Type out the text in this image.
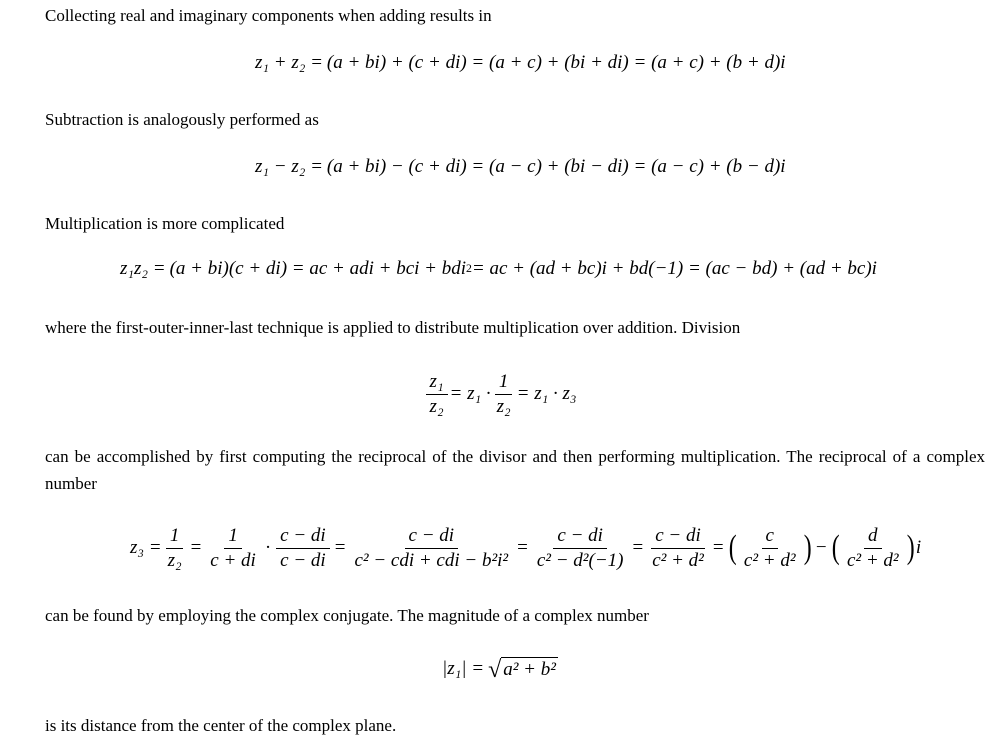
Collecting real and imaginary components when adding results in
z₁ + z₂ = (a + bi) + (c + di) = (a + c) + (bi + di) = (a + c) + (b + d)i
Subtraction is analogously performed as
z₁ − z₂ = (a + bi) − (c + di) = (a − c) + (bi − di) = (a − c) + (b − d)i
Multiplication is more complicated
z₁z₂ = (a + bi)(c + di) = ac + adi + bci + bdi 2 = ac + (ad + bc)i + bd(−1) = (ac − bd) + (ad + bc)i
where the first-outer-inner-last technique is applied to distribute multiplication over addition. Division
$\frac{\text{z₁}}{\text{z₂}} = z_1 \cdot \frac{1}{\text{z₂}} = z_1 \cdot z_3$
can be accomplished by first computing the reciprocal of the divisor and then performing multiplication. The reciprocal of a complex number
$z_3 = \frac{1}{\text{z₂}} = \frac{1}{c + di} \cdot \frac{c - di}{c - di} = \frac{c - di}{\text{c² − cdi + cdi − b²i²}} = \frac{c - di}{\text{c² − d²(−1)}} = \frac{c - di}{\text{c² + d²}}$ = ( $\frac{c}{\text{c² + d²}}$ ) − ( $\frac{d}{\text{c² + d²}}$ ) i
can be found by employing the complex conjugate. The magnitude of a complex number
|z₁| = √ a² + b²
is its distance from the center of the complex plane.
